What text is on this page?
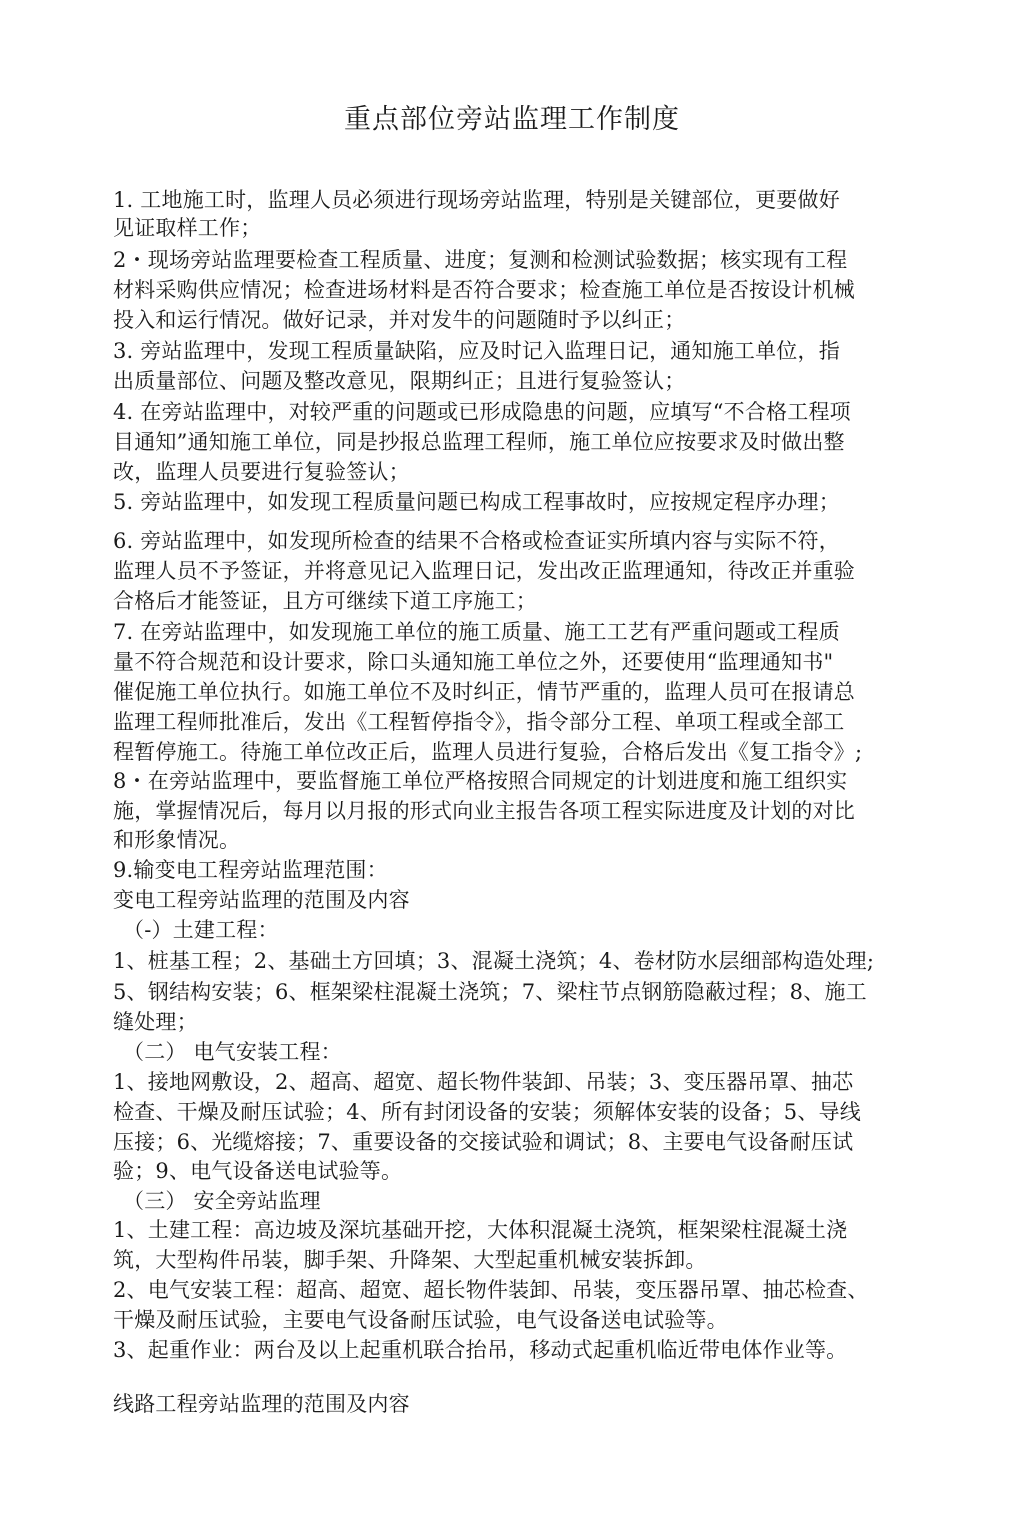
重点部位旁站监理工作制度
1. 工地施工时，监理人员必须进行现场旁站监理，特别是关键部位，更要做好
见证取样工作；
2・现场旁站监理要检查工程质量、进度；复测和检测试验数据；核实现有工程
材料采购供应情况；检查进场材料是否符合要求；检查施工单位是否按设计机械
投入和运行情况。做好记录，并对发牛的问题随时予以纠正；
3. 旁站监理中，发现工程质量缺陷，应及时记入监理日记，通知施工单位，指
出质量部位、问题及整改意见，限期纠正；且进行复验签认；
4. 在旁站监理中，对较严重的问题或已形成隐患的问题，应填写“不合格工程项
目通知”通知施工单位，同是抄报总监理工程师，施工单位应按要求及时做出整
改，监理人员要进行复验签认；
5. 旁站监理中，如发现工程质量问题已构成工程事故时，应按规定程序办理；
6. 旁站监理中，如发现所检查的结果不合格或检查证实所填内容与实际不符，
监理人员不予签证，并将意见记入监理日记，发出改正监理通知，待改正并重验
合格后才能签证，且方可继续下道工序施工；
7. 在旁站监理中，如发现施工单位的施工质量、施工工艺有严重问题或工程质
量不符合规范和设计要求，除口头通知施工单位之外，还要使用“监理通知书"
催促施工单位执行。如施工单位不及时纠正，情节严重的，监理人员可在报请总
监理工程师批准后，发出《工程暂停指令》，指令部分工程、单项工程或全部工
程暂停施工。待施工单位改正后，监理人员进行复验，合格后发出《复工指令》;
8・在旁站监理中，要监督施工单位严格按照合同规定的计划进度和施工组织实
施，掌握情况后，每月以月报的形式向业主报告各项工程实际进度及计划的对比
和形象情况。
9.输变电工程旁站监理范围：
变电工程旁站监理的范围及内容
（-）土建工程：
1、桩基工程；2、基础土方回填；3、混凝土浇筑；4、卷材防水层细部构造处理;
5、钢结构安装；6、框架梁柱混凝土浇筑；7、梁柱节点钢筋隐蔽过程；8、施工
缝处理；
（二） 电气安装工程：
1、接地网敷设，2、超高、超宽、超长物件装卸、吊装；3、变压器吊罩、抽芯
检查、干燥及耐压试验；4、所有封闭设备的安装；须解体安装的设备；5、导线
压接；6、光缆熔接；7、重要设备的交接试验和调试；8、主要电气设备耐压试
验；9、电气设备送电试验等。
（三） 安全旁站监理
1、土建工程：高边坡及深坑基础开挖，大体积混凝土浇筑，框架梁柱混凝土浇
筑，大型构件吊装，脚手架、升降架、大型起重机械安装拆卸。
2、电气安装工程：超高、超宽、超长物件装卸、吊装，变压器吊罩、抽芯检查、
干燥及耐压试验，主要电气设备耐压试验，电气设备送电试验等。
3、起重作业：两台及以上起重机联合抬吊，移动式起重机临近带电体作业等。
线路工程旁站监理的范围及内容
